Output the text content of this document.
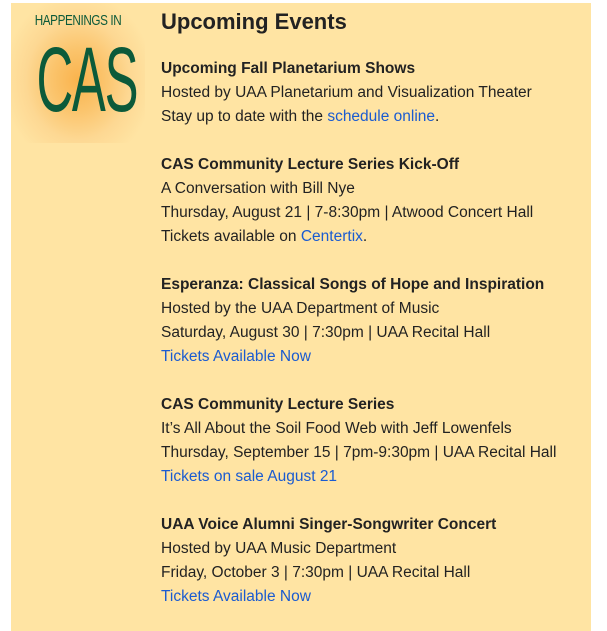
HAPPENINGS IN
CAS
Upcoming Events
Upcoming Fall Planetarium Shows
Hosted by UAA Planetarium and Visualization Theater
Stay up to date with the schedule online.
CAS Community Lecture Series Kick-Off
A Conversation with Bill Nye
Thursday, August 21 | 7-8:30pm | Atwood Concert Hall
Tickets available on Centertix.
Esperanza: Classical Songs of Hope and Inspiration
Hosted by the UAA Department of Music
Saturday, August 30 | 7:30pm | UAA Recital Hall
Tickets Available Now
CAS Community Lecture Series
It’s All About the Soil Food Web with Jeff Lowenfels
Thursday, September 15 | 7pm-9:30pm | UAA Recital Hall
Tickets on sale August 21
UAA Voice Alumni Singer-Songwriter Concert
Hosted by UAA Music Department
Friday, October 3 | 7:30pm | UAA Recital Hall
Tickets Available Now
